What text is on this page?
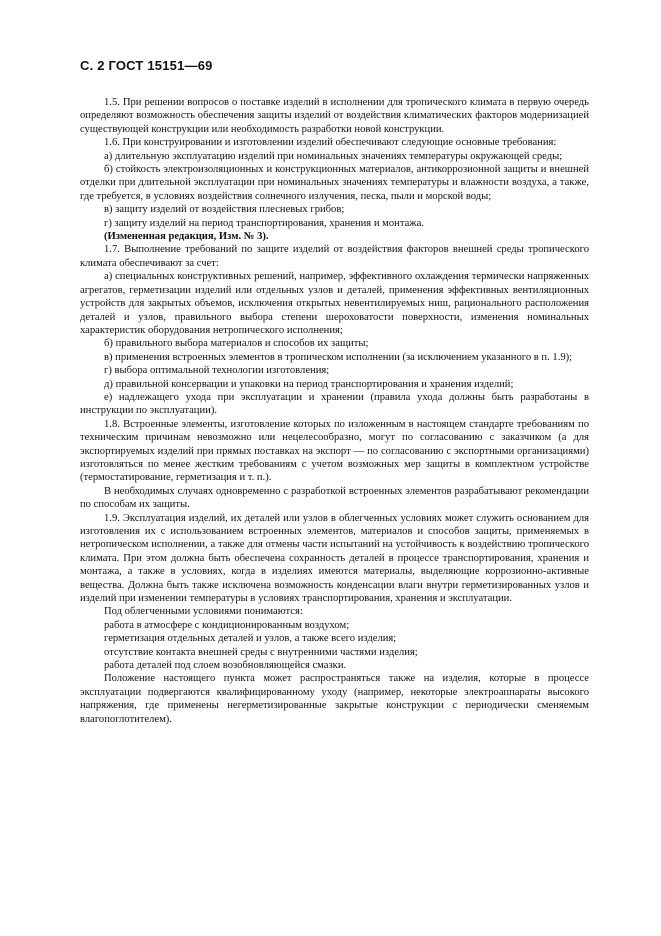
С. 2 ГОСТ 15151—69

1.5. При решении вопросов о поставке изделий в исполнении для тропического климата в первую очередь определяют возможность обеспечения защиты изделий от воздействия климатических факторов модернизацией существующей конструкции или необходимость разработки новой конструкции.

1.6. При конструировании и изготовлении изделий обеспечивают следующие основные требования:

а) длительную эксплуатацию изделий при номинальных значениях температуры окружающей среды;

б) стойкость электроизоляционных и конструкционных материалов, антикоррозионной защиты и внешней отделки при длительной эксплуатации при номинальных значениях температуры и влажности воздуха, а также, где требуется, в условиях воздействия солнечного излучения, песка, пыли и морской воды;

в) защиту изделий от воздействия плесневых грибов;

г) защиту изделий на период транспортирования, хранения и монтажа.

(Измененная редакция, Изм. № 3).

1.7. Выполнение требований по защите изделий от воздействия факторов внешней среды тропического климата обеспечивают за счет:

а) специальных конструктивных решений, например, эффективного охлаждения термически напряженных агрегатов, герметизации изделий или отдельных узлов и деталей, применения эффективных вентиляционных устройств для закрытых объемов, исключения открытых невентилируемых ниш, рационального расположения деталей и узлов, правильного выбора степени шероховатости поверхности, изменения номинальных характеристик оборудования нетропического исполнения;

б) правильного выбора материалов и способов их защиты;

в) применения встроенных элементов в тропическом исполнении (за исключением указанного в п. 1.9);

г) выбора оптимальной технологии изготовления;

д) правильной консервации и упаковки на период транспортирования и хранения изделий;

е) надлежащего ухода при эксплуатации и хранении (правила ухода должны быть разработаны в инструкции по эксплуатации).

1.8. Встроенные элементы, изготовление которых по изложенным в настоящем стандарте требованиям по техническим причинам невозможно или нецелесообразно, могут по согласованию с заказчиком (а для экспортируемых изделий при прямых поставках на экспорт — по согласованию с экспортными организациями) изготовляться по менее жестким требованиям с учетом возможных мер защиты в комплектном устройстве (термостатирование, герметизация и т. п.).

В необходимых случаях одновременно с разработкой встроенных элементов разрабатывают рекомендации по способам их защиты.

1.9. Эксплуатация изделий, их деталей или узлов в облегченных условиях может служить основанием для изготовления их с использованием встроенных элементов, материалов и способов защиты, применяемых в нетропическом исполнении, а также для отмены части испытаний на устойчивость к воздействию тропического климата. При этом должна быть обеспечена сохранность деталей в процессе транспортирования, хранения и монтажа, а также в условиях, когда в изделиях имеются материалы, выделяющие коррозионно-активные вещества. Должна быть также исключена возможность конденсации влаги внутри герметизированных узлов и изделий при изменении температуры в условиях транспортирования, хранения и эксплуатации.

Под облегченными условиями понимаются:

работа в атмосфере с кондиционированным воздухом;

герметизация отдельных деталей и узлов, а также всего изделия;

отсутствие контакта внешней среды с внутренними частями изделия;

работа деталей под слоем возобновляющейся смазки.

Положение настоящего пункта может распространяться также на изделия, которые в процессе эксплуатации подвергаются квалифицированному уходу (например, некоторые электроаппараты высокого напряжения, где применены негерметизированные закрытые конструкции с периодически сменяемым влагопоглотителем).
